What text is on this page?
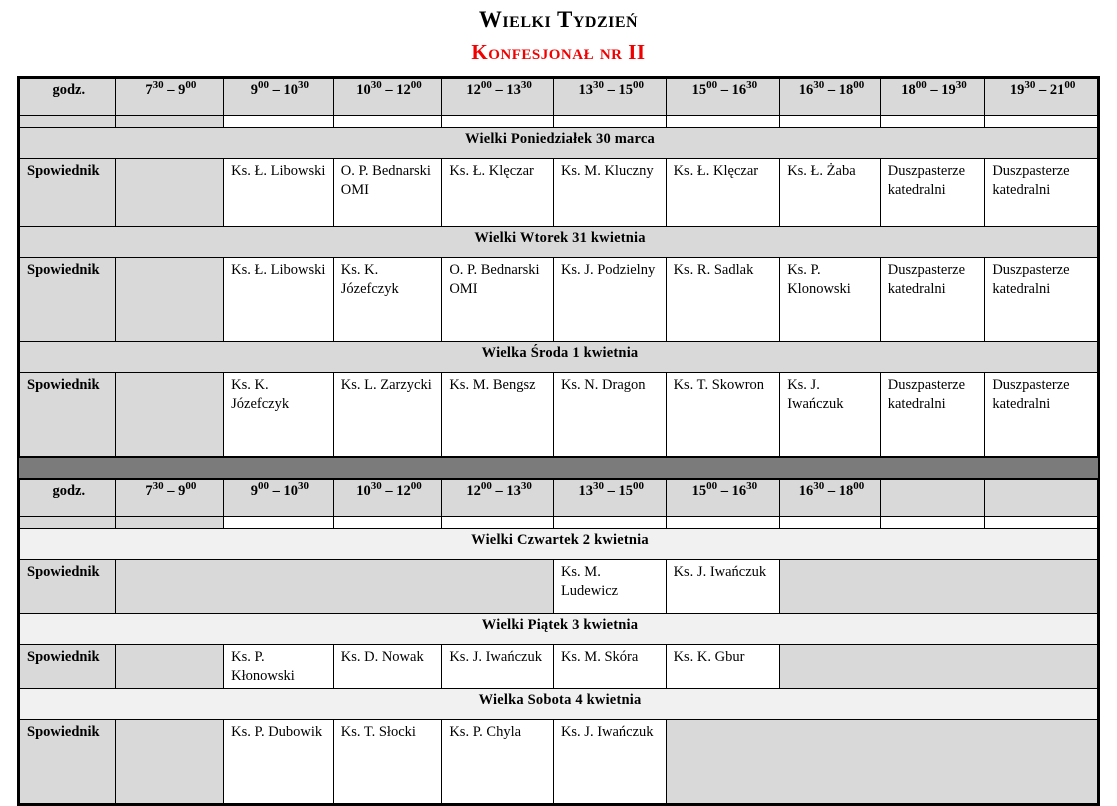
Wielki Tydzień
Konfesjonał nr II
godz.	$7^{30} - 9^{00}$	$9^{00} - 10^{30}$	$10^{30} - 12^{00}$	$12^{00} - 13^{30}$	$13^{30} - 15^{00}$	$15^{00} - 16^{30}$	$16^{30} - 18^{00}$	$18^{00} - 19^{30}$	$19^{30} - 21^{00}$

Wielki Poniedziałek 30 marca									
Spowiednik		Ks. Ł. Libowski	O. P. Bednarski OMI	Ks. Ł. Klęczar	Ks. M. Kluczny	Ks. Ł. Klęczar	Ks. Ł. Żaba	Duszpasterze katedralni	Duszpasterze katedralni
Wielki Wtorek 31 kwietnia									
Spowiednik		Ks. Ł. Libowski	Ks. K. Józefczyk	O. P. Bednarski OMI	Ks. J. Podzielny	Ks. R. Sadlak	Ks. P. Klonowski	Duszpasterze katedralni	Duszpasterze katedralni
Wielka Środa 1 kwietnia									
Spowiednik		Ks. K. Józefczyk	Ks. L. Zarzycki	Ks. M. Bengsz	Ks. N. Dragon	Ks. T. Skowron	Ks. J. Iwańczuk	Duszpasterze katedralni	Duszpasterze katedralni
godz.	$7^{30} - 9^{00}$	$9^{00} - 10^{30}$	$10^{30} - 12^{00}$	$12^{00} - 13^{30}$	$13^{30} - 15^{00}$	$15^{00} - 16^{30}$	$16^{30} - 18^{00}$		

Wielki Czwartek 2 kwietnia									
Spowiednik					Ks. M. Ludewicz	Ks. J. Iwańczuk			
Wielki Piątek 3 kwietnia									
Spowiednik		Ks. P. Kłonowski	Ks. D. Nowak	Ks. J. Iwańczuk	Ks. M. Skóra	Ks. K. Gbur			
Wielka Sobota 4 kwietnia									
Spowiednik		Ks. P. Dubowik	Ks. T. Słocki	Ks. P. Chyla	Ks. J. Iwańczuk				
